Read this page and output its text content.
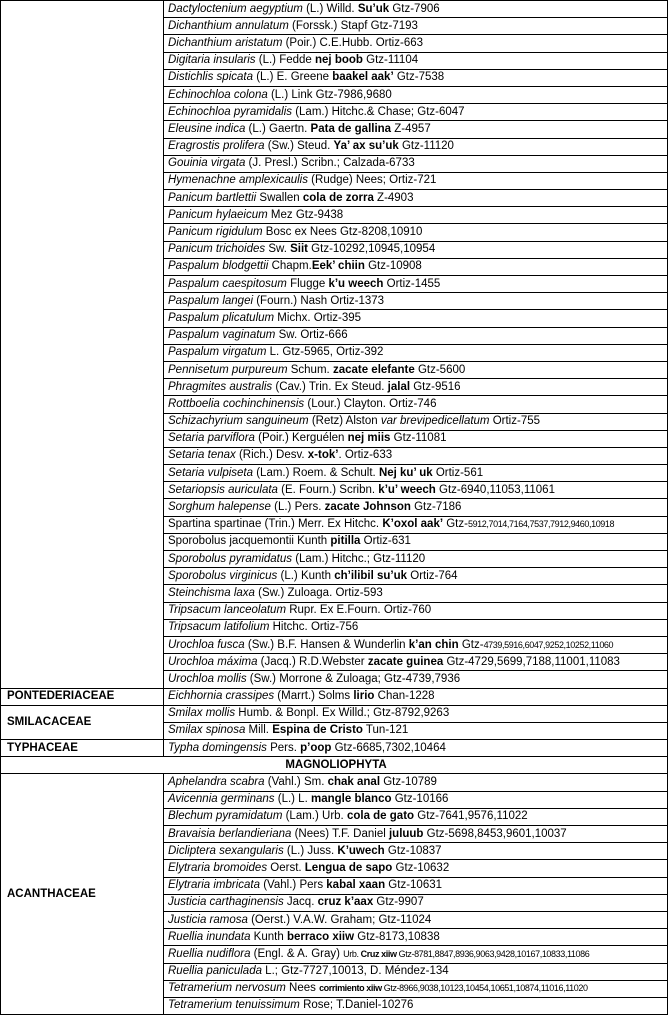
	Dactyloctenium aegyptium (L.) Willd. Su’uk Gtz-7906
	Dichanthium annulatum (Forssk.) Stapf Gtz-7193
	Dichanthium aristatum (Poir.) C.E.Hubb. Ortiz-663
	Digitaria insularis (L.) Fedde nej boob Gtz-11104
	Distichlis spicata (L.) E. Greene baakel aak’ Gtz-7538
	Echinochloa colona (L.) Link Gtz-7986,9680
	Echinochloa pyramidalis (Lam.) Hitchc.& Chase; Gtz-6047
	Eleusine indica (L.) Gaertn. Pata de gallina Z-4957
	Eragrostis prolifera (Sw.) Steud. Ya’ ax su’uk Gtz-11120
	Gouinia virgata (J. Presl.) Scribn.; Calzada-6733
	Hymenachne amplexicaulis (Rudge) Nees; Ortiz-721
	Panicum bartlettii Swallen cola de zorra Z-4903
	Panicum hylaeicum Mez Gtz-9438
	Panicum rigidulum Bosc ex Nees Gtz-8208,10910
	Panicum trichoides Sw. Siit Gtz-10292,10945,10954
	Paspalum blodgettii Chapm.Eek’ chiin Gtz-10908
	Paspalum caespitosum Flugge k’u weech Ortiz-1455
	Paspalum langei (Fourn.) Nash Ortiz-1373
	Paspalum plicatulum Michx. Ortiz-395
	Paspalum vaginatum Sw. Ortiz-666
	Paspalum virgatum L. Gtz-5965, Ortiz-392
	Pennisetum purpureum Schum. zacate elefante Gtz-5600
	Phragmites australis (Cav.) Trin. Ex Steud. jalal Gtz-9516
	Rottboelia cochinchinensis (Lour.) Clayton. Ortiz-746
	Schizachyrium sanguineum (Retz) Alston var brevipedicellatum Ortiz-755
	Setaria parviflora (Poir.) Kerguélen nej miis Gtz-11081
	Setaria tenax (Rich.) Desv. x-tok’. Ortiz-633
	Setaria vulpiseta (Lam.) Roem. & Schult. Nej ku’ uk Ortiz-561
	Setariopsis auriculata (E. Fourn.) Scribn. k’u’ weech Gtz-6940,11053,11061
	Sorghum halepense (L.) Pers. zacate Johnson Gtz-7186
	Spartina spartinae (Trin.) Merr. Ex Hitchc. K’oxol aak’ Gtz-5912,7014,7164,7537,7912,9460,10918
	Sporobolus jacquemontii Kunth pitilla Ortiz-631
	Sporobolus pyramidatus (Lam.) Hitchc.; Gtz-11120
	Sporobolus virginicus (L.) Kunth ch’ilibil su’uk Ortiz-764
	Steinchisma laxa (Sw.) Zuloaga. Ortiz-593
	Tripsacum lanceolatum Rupr. Ex E.Fourn. Ortiz-760
	Tripsacum latifolium Hitchc. Ortiz-756
	Urochloa fusca (Sw.) B.F. Hansen & Wunderlin k’an chin Gtz-4739,5916,6047,9252,10252,11060
	Urochloa máxima (Jacq.) R.D.Webster zacate guinea Gtz-4729,5699,7188,11001,11083
	Urochloa mollis (Sw.) Morrone & Zuloaga; Gtz-4739,7936
PONTEDERIACEAE	Eichhornia crassipes (Marrt.) Solms lirio Chan-1228
SMILACACEAE	Smilax mollis Humb. & Bonpl. Ex Willd.; Gtz-8792,9263
	Smilax spinosa Mill. Espina de Cristo Tun-121
TYPHACEAE	Typha domingensis Pers. p’oop Gtz-6685,7302,10464
MAGNOLIOPHYTA	
ACANTHACEAE	Aphelandra scabra (Vahl.) Sm. chak anal Gtz-10789
	Avicennia germinans (L.) L. mangle blanco Gtz-10166
	Blechum pyramidatum (Lam.) Urb. cola de gato Gtz-7641,9576,11022
	Bravaisia berlandieriana (Nees) T.F. Daniel juluub Gtz-5698,8453,9601,10037
	Dicliptera sexangularis (L.) Juss. K’uwech Gtz-10837
	Elytraria bromoides Oerst. Lengua de sapo Gtz-10632
	Elytraria imbricata (Vahl.) Pers kabal xaan Gtz-10631
	Justicia carthaginensis Jacq. cruz k’aax Gtz-9907
	Justicia ramosa (Oerst.) V.A.W. Graham; Gtz-11024
	Ruellia inundata Kunth berraco xiiw Gtz-8173,10838
	Ruellia nudiflora (Engl. & A. Gray) Urb. Cruz xiiw Gtz-8781,8847,8936,9063,9428,10167,10833,11086
	Ruellia paniculada L.; Gtz-7727,10013, D. Méndez-134
	Tetramerium nervosum Nees corrimiento xiiw Gtz-8966,9038,10123,10454,10651,10874,11016,11020
	Tetramerium tenuissimum Rose; T.Daniel-10276
